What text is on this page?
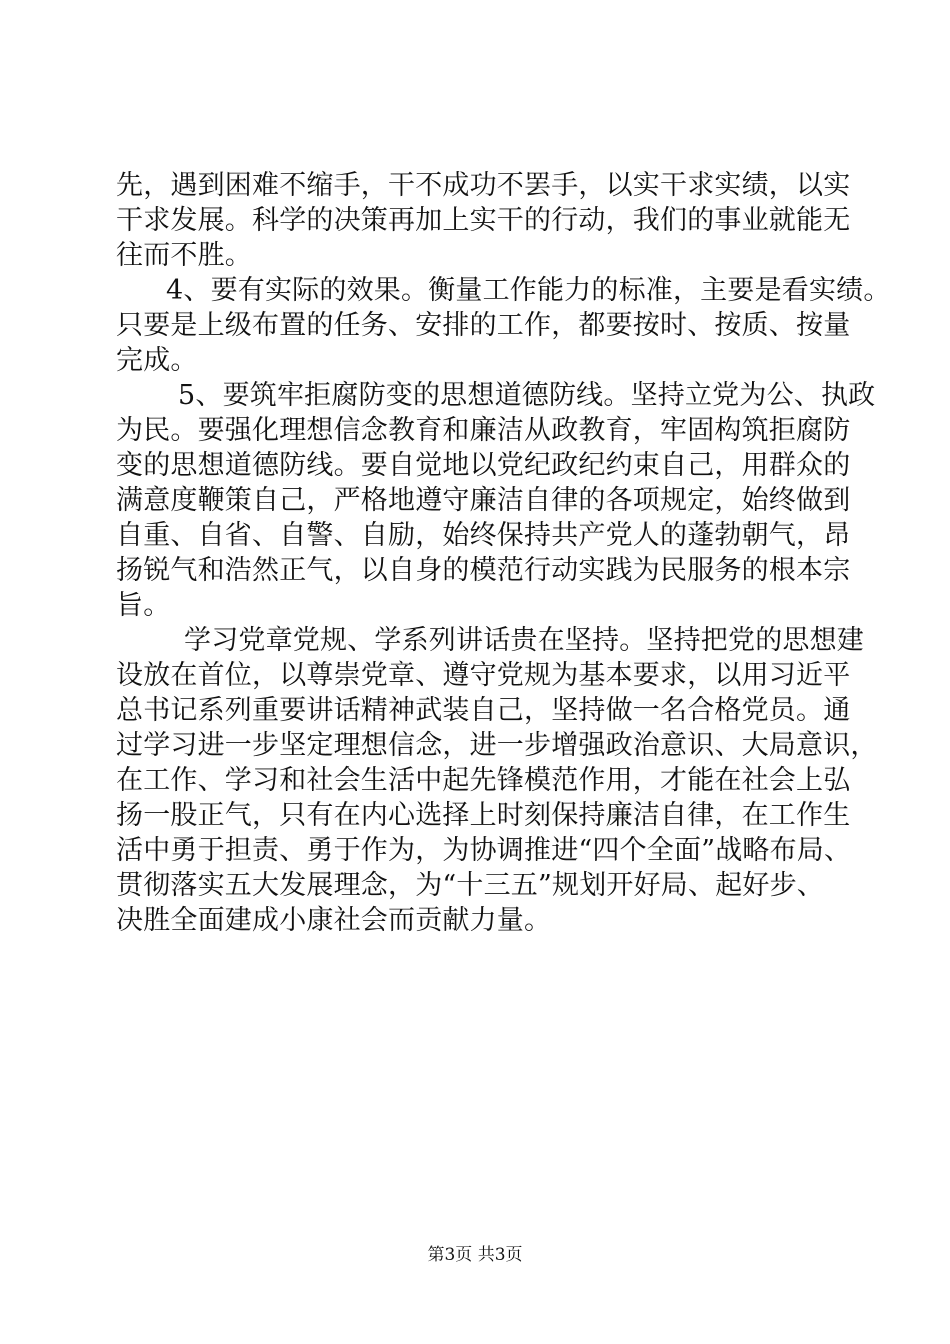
先，遇到困难不缩手，干不成功不罢手，以实干求实绩，以实
干求发展。科学的决策再加上实干的行动，我们的事业就能无
往而不胜。
4、要有实际的效果。衡量工作能力的标准，主要是看实绩。
只要是上级布置的任务、安排的工作，都要按时、按质、按量
完成。
5、要筑牢拒腐防变的思想道德防线。坚持立党为公、执政
为民。要强化理想信念教育和廉洁从政教育，牢固构筑拒腐防
变的思想道德防线。要自觉地以党纪政纪约束自己，用群众的
满意度鞭策自己，严格地遵守廉洁自律的各项规定，始终做到
自重、自省、自警、自励，始终保持共产党人的蓬勃朝气，昂
扬锐气和浩然正气，以自身的模范行动实践为民服务的根本宗
旨。
学习党章党规、学系列讲话贵在坚持。坚持把党的思想建
设放在首位，以尊崇党章、遵守党规为基本要求，以用习近平
总书记系列重要讲话精神武装自己，坚持做一名合格党员。通
过学习进一步坚定理想信念，进一步增强政治意识、大局意识，
在工作、学习和社会生活中起先锋模范作用，才能在社会上弘
扬一股正气，只有在内心选择上时刻保持廉洁自律，在工作生
活中勇于担责、勇于作为，为协调推进“四个全面”战略布局、
贯彻落实五大发展理念，为“十三五”规划开好局、起好步、
决胜全面建成小康社会而贡献力量。
第3页 共3页
